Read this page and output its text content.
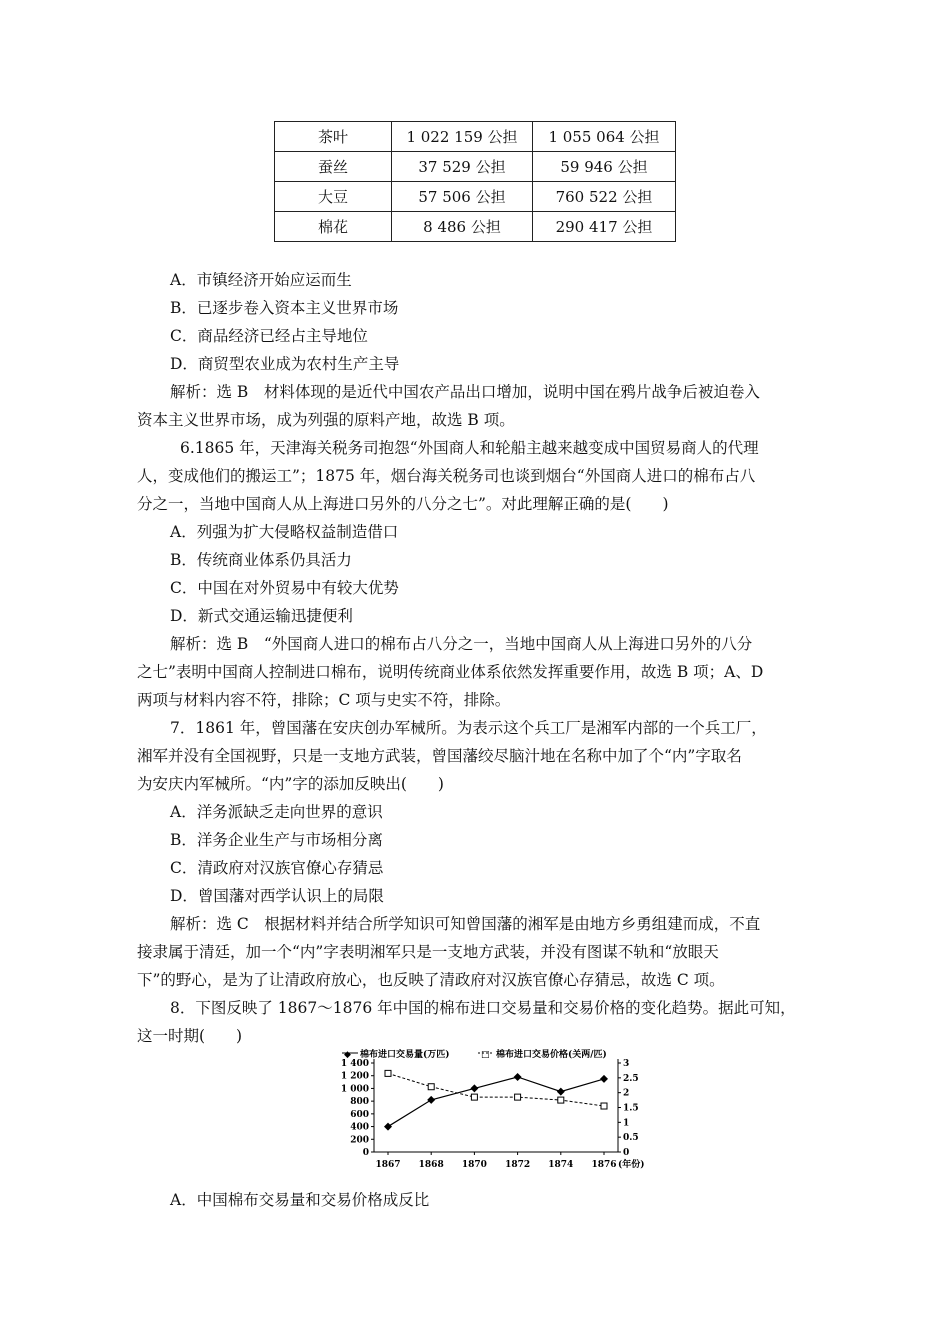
茶叶	1 022 159 公担	1 055 064 公担
蚕丝	37 529 公担	59 946 公担
大豆	57 506 公担	760 522 公担
棉花	8 486 公担	290 417 公担
A．市镇经济开始应运而生
B．已逐步卷入资本主义世界市场
C．商品经济已经占主导地位
D．商贸型农业成为农村生产主导
解析：选 B　材料体现的是近代中国农产品出口增加，说明中国在鸦片战争后被迫卷入
资本主义世界市场，成为列强的原料产地，故选 B 项。
6.1865 年，天津海关税务司抱怨“外国商人和轮船主越来越变成中国贸易商人的代理
人，变成他们的搬运工”；1875 年，烟台海关税务司也谈到烟台“外国商人进口的棉布占八
分之一，当地中国商人从上海进口另外的八分之七”。对此理解正确的是(　　)
A．列强为扩大侵略权益制造借口
B．传统商业体系仍具活力
C．中国在对外贸易中有较大优势
D．新式交通运输迅捷便利
解析：选 B　“外国商人进口的棉布占八分之一，当地中国商人从上海进口另外的八分
之七”表明中国商人控制进口棉布，说明传统商业体系依然发挥重要作用，故选 B 项；A、D
两项与材料内容不符，排除；C 项与史实不符，排除。
7．1861 年，曾国藩在安庆创办军械所。为表示这个兵工厂是湘军内部的一个兵工厂，
湘军并没有全国视野，只是一支地方武装，曾国藩绞尽脑汁地在名称中加了个“内”字取名
为安庆内军械所。“内”字的添加反映出(　　)
A．洋务派缺乏走向世界的意识
B．洋务企业生产与市场相分离
C．清政府对汉族官僚心存猜忌
D．曾国藩对西学认识上的局限
解析：选 C　根据材料并结合所学知识可知曾国藩的湘军是由地方乡勇组建而成，不直
接隶属于清廷，加一个“内”字表明湘军只是一支地方武装，并没有图谋不轨和“放眼天
下”的野心，是为了让清政府放心，也反映了清政府对汉族官僚心存猜忌，故选 C 项。
8．下图反映了 1867～1876 年中国的棉布进口交易量和交易价格的变化趋势。据此可知，
这一时期(　　)
◆ 棉布进口交易量(万匹)	□ 棉布进口交易价格(关两/匹)
1 400
1 200
1 000
800
600
400
200
0
3
2.5
2
1.5
1
0.5
0
1867 1868 1870 1872 1874 1876 (年份)
A．中国棉布交易量和交易价格成反比
